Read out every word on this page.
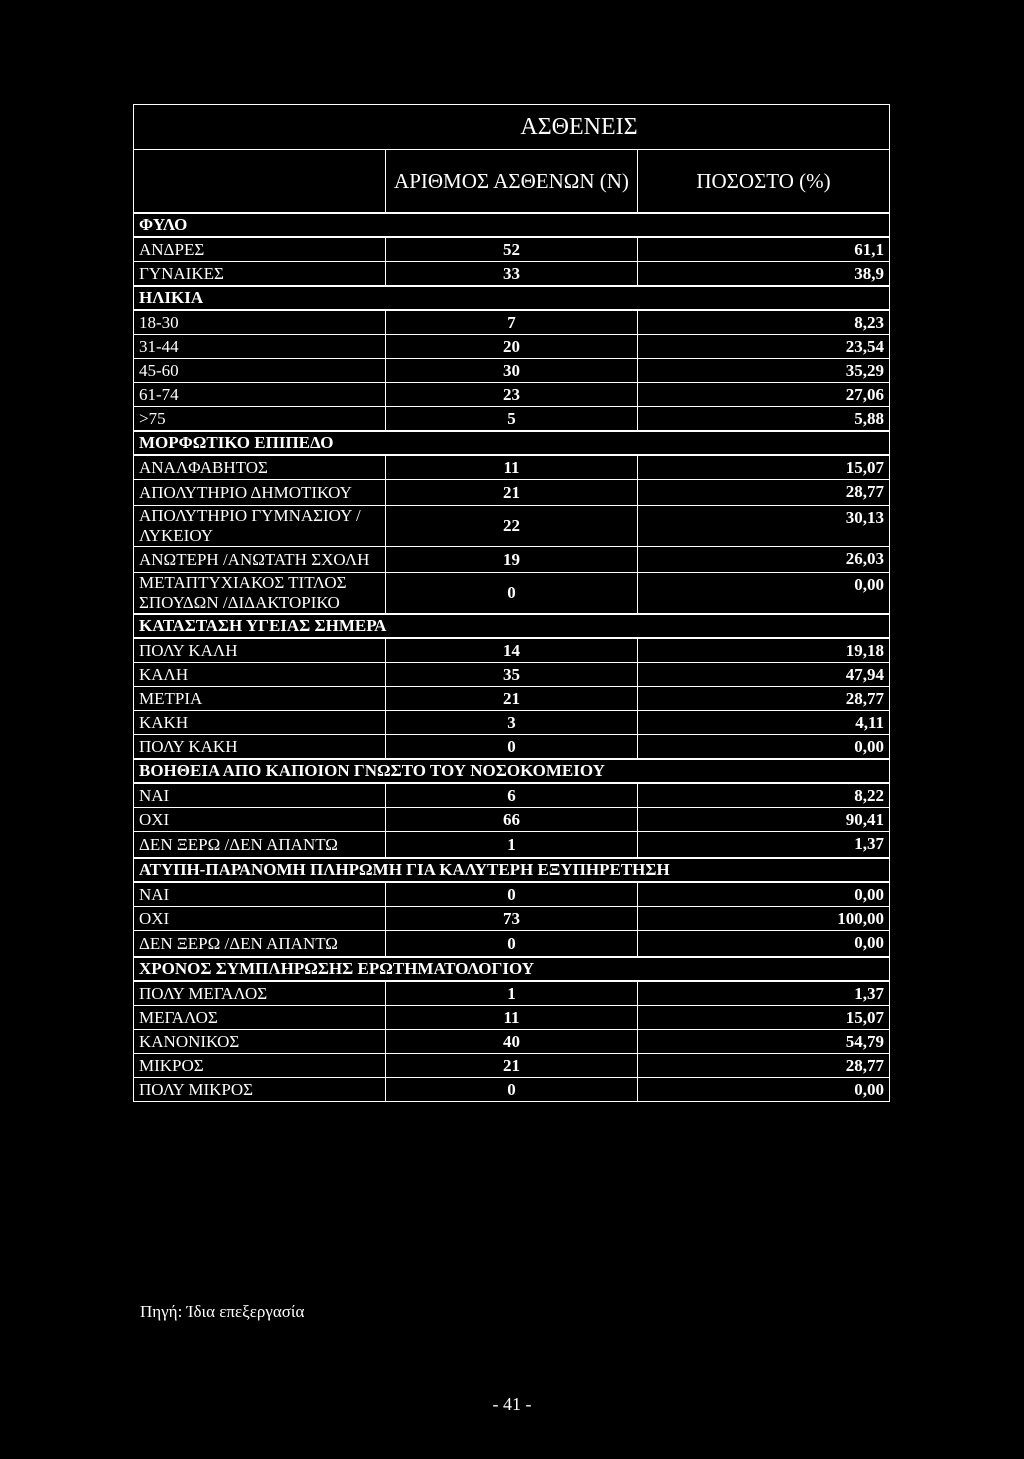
ΑΣΘΕΝΕΙΣ		
	ΑΡΙΘΜΟΣ ΑΣΘΕΝΩΝ (Ν)	ΠΟΣΟΣΤΟ (%)
ΦΥΛΟ		
ΑΝΔΡΕΣ	52	61,1
ΓΥΝΑΙΚΕΣ	33	38,9
ΗΛΙΚΙΑ		
18-30	7	8,23
31-44	20	23,54
45-60	30	35,29
61-74	23	27,06
>75	5	5,88
ΜΟΡΦΩΤΙΚΟ ΕΠΙΠΕΔΟ		
ΑΝΑΛΦΑΒΗΤΟΣ	11	15,07
ΑΠΟΛΥΤΗΡΙΟ ΔΗΜΟΤΙΚΟΥ	21	28,77
ΑΠΟΛΥΤΗΡΙΟ ΓΥΜΝΑΣΙΟΥ /ΛΥΚΕΙΟΥ	22	30,13
ΑΝΩΤΕΡΗ /ΑΝΩΤΑΤΗ ΣΧΟΛΗ	19	26,03
ΜΕΤΑΠΤΥΧΙΑΚΟΣ ΤΙΤΛΟΣ ΣΠΟΥΔΩΝ /ΔΙΔΑΚΤΟΡΙΚΟ	0	0,00
ΚΑΤΑΣΤΑΣΗ ΥΓΕΙΑΣ ΣΗΜΕΡΑ		
ΠΟΛΥ ΚΑΛΗ	14	19,18
ΚΑΛΗ	35	47,94
ΜΕΤΡΙΑ	21	28,77
ΚΑΚΗ	3	4,11
ΠΟΛΥ ΚΑΚΗ	0	0,00
ΒΟΗΘΕΙΑ ΑΠΟ ΚΑΠΟΙΟΝ ΓΝΩΣΤΟ ΤΟΥ ΝΟΣΟΚΟΜΕΙΟΥ		
ΝΑΙ	6	8,22
ΟΧΙ	66	90,41
ΔΕΝ ΞΕΡΩ /ΔΕΝ ΑΠΑΝΤΩ	1	1,37
ΑΤΥΠΗ-ΠΑΡΑΝΟΜΗ ΠΛΗΡΩΜΗ ΓΙΑ ΚΑΛΥΤΕΡΗ ΕΞΥΠΗΡΕΤΗΣΗ		
ΝΑΙ	0	0,00
ΟΧΙ	73	100,00
ΔΕΝ ΞΕΡΩ /ΔΕΝ ΑΠΑΝΤΩ	0	0,00
ΧΡΟΝΟΣ ΣΥΜΠΛΗΡΩΣΗΣ ΕΡΩΤΗΜΑΤΟΛΟΓΙΟΥ		
ΠΟΛΥ ΜΕΓΑΛΟΣ	1	1,37
ΜΕΓΑΛΟΣ	11	15,07
ΚΑΝΟΝΙΚΟΣ	40	54,79
ΜΙΚΡΟΣ	21	28,77
ΠΟΛΥ ΜΙΚΡΟΣ	0	0,00
Πηγή: Ίδια επεξεργασία
- 41 -
